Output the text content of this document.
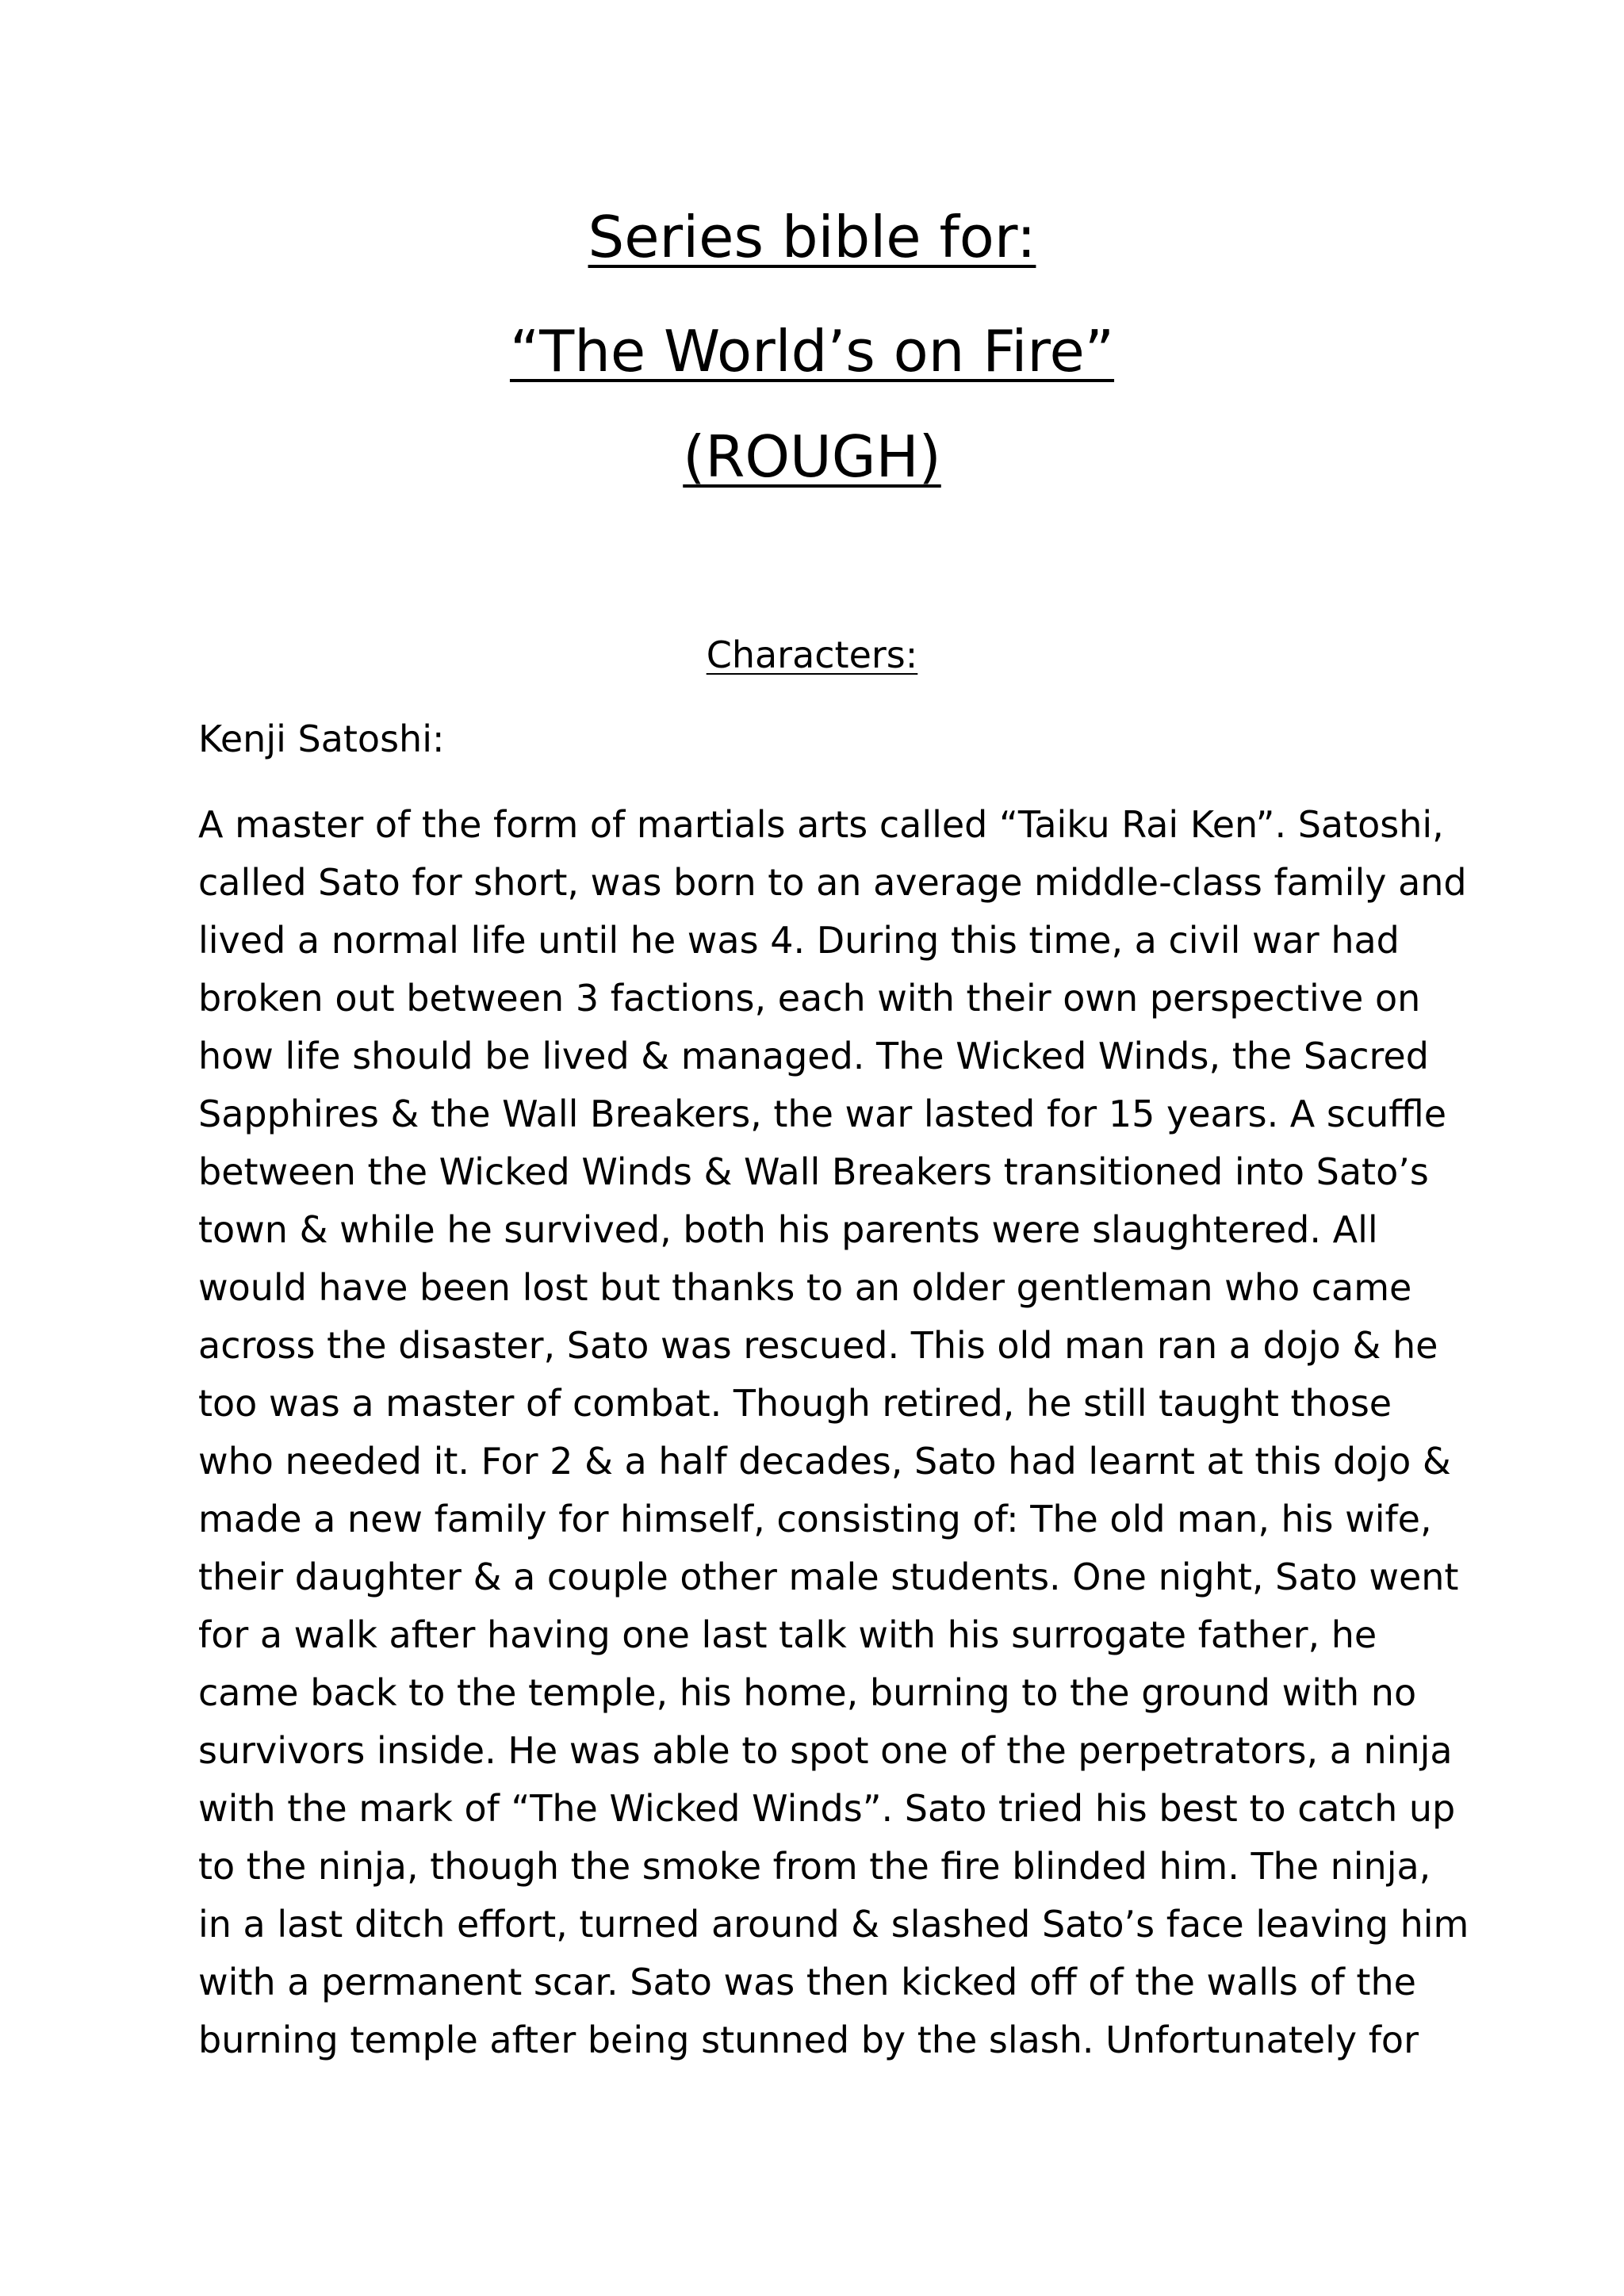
Series bible for:
“The World’s on Fire”
(ROUGH)
Characters:

Kenji Satoshi:

A master of the form of martials arts called “Taiku Rai Ken”. Satoshi,
called Sato for short, was born to an average middle-class family and
lived a normal life until he was 4. During this time, a civil war had
broken out between 3 factions, each with their own perspective on
how life should be lived & managed. The Wicked Winds, the Sacred
Sapphires & the Wall Breakers, the war lasted for 15 years. A scuffle
between the Wicked Winds & Wall Breakers transitioned into Sato’s
town & while he survived, both his parents were slaughtered. All
would have been lost but thanks to an older gentleman who came
across the disaster, Sato was rescued. This old man ran a dojo & he
too was a master of combat. Though retired, he still taught those
who needed it. For 2 & a half decades, Sato had learnt at this dojo &
made a new family for himself, consisting of: The old man, his wife,
their daughter & a couple other male students. One night, Sato went
for a walk after having one last talk with his surrogate father, he
came back to the temple, his home, burning to the ground with no
survivors inside. He was able to spot one of the perpetrators, a ninja
with the mark of “The Wicked Winds”. Sato tried his best to catch up
to the ninja, though the smoke from the fire blinded him. The ninja,
in a last ditch effort, turned around & slashed Sato’s face leaving him
with a permanent scar. Sato was then kicked off of the walls of the
burning temple after being stunned by the slash. Unfortunately for
